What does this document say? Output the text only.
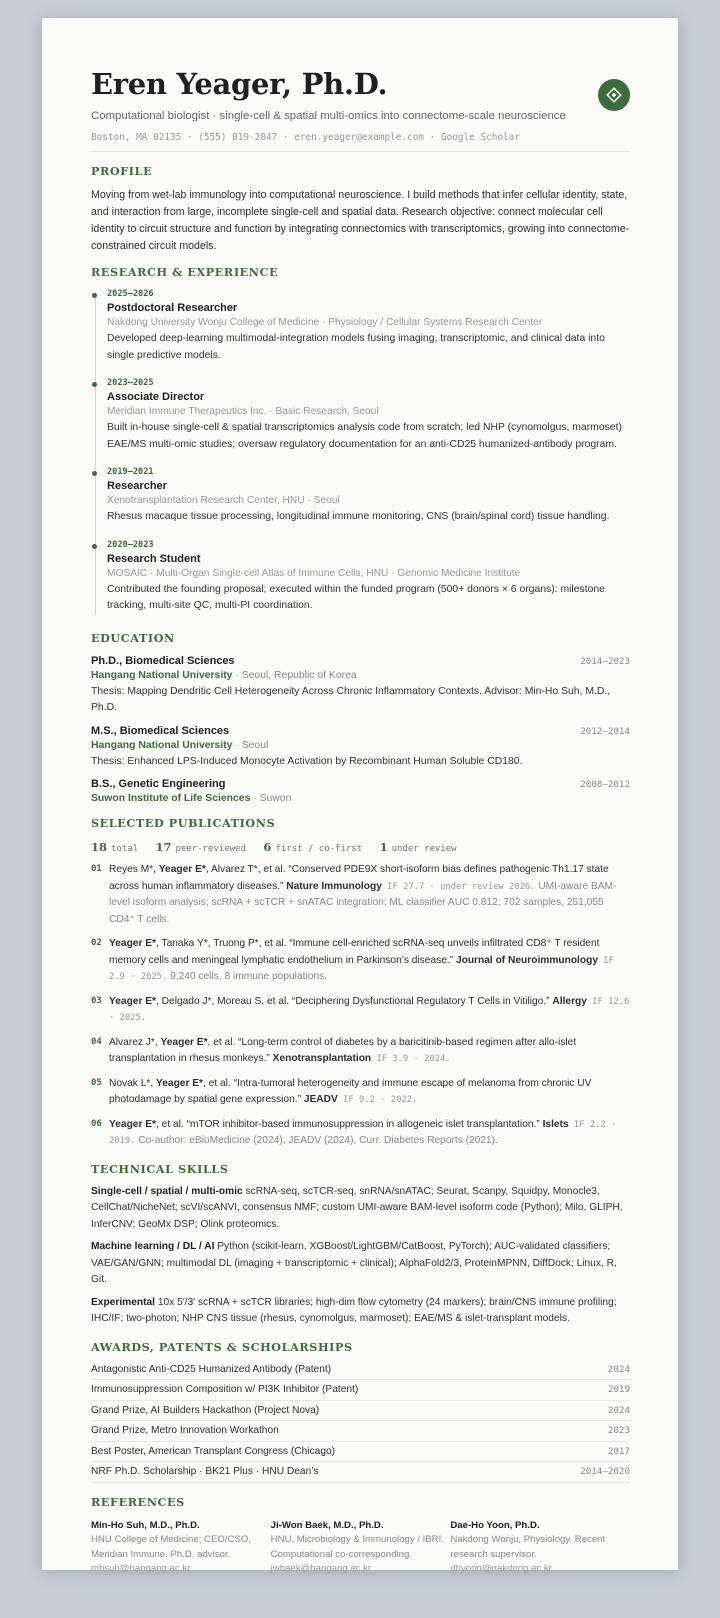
Eren Yeager, Ph.D.
Computational biologist · single-cell & spatial multi-omics into connectome-scale neuroscience
Boston, MA 02135 · (555) 019-2847 · eren.yeager@example.com · Google Scholar
PROFILE
Moving from wet-lab immunology into computational neuroscience. I build methods that infer cellular identity, state, and interaction from large, incomplete single-cell and spatial data. Research objective: connect molecular cell identity to circuit structure and function by integrating connectomics with transcriptomics, growing into connectome-constrained circuit models.
RESEARCH & EXPERIENCE
2025–2026
Postdoctoral Researcher
Nakdong University Wonju College of Medicine · Physiology / Cellular Systems Research Center
Developed deep-learning multimodal-integration models fusing imaging, transcriptomic, and clinical data into single predictive models.
2023–2025
Associate Director
Meridian Immune Therapeutics Inc. · Basic Research, Seoul
Built in-house single-cell & spatial transcriptomics analysis code from scratch; led NHP (cynomolgus, marmoset) EAE/MS multi-omic studies; oversaw regulatory documentation for an anti-CD25 humanized-antibody program.
2019–2021
Researcher
Xenotransplantation Research Center, HNU · Seoul
Rhesus macaque tissue processing, longitudinal immune monitoring, CNS (brain/spinal cord) tissue handling.
2020–2023
Research Student
MOSAIC · Multi-Organ Single-cell Atlas of Immune Cells, HNU · Genomic Medicine Institute
Contributed the founding proposal; executed within the funded program (500+ donors × 6 organs): milestone tracking, multi-site QC, multi-PI coordination.
EDUCATION
Ph.D., Biomedical Sciences	2014–2023
Hangang National University · Seoul, Republic of Korea
Thesis: Mapping Dendritic Cell Heterogeneity Across Chronic Inflammatory Contexts. Advisor: Min-Ho Suh, M.D., Ph.D.
M.S., Biomedical Sciences	2012–2014
Hangang National University · Seoul
Thesis: Enhanced LPS-Induced Monocyte Activation by Recombinant Human Soluble CD180.
B.S., Genetic Engineering	2008–2012
Suwon Institute of Life Sciences · Suwon
SELECTED PUBLICATIONS
18 total 17 peer-reviewed 6 first / co-first 1 under review
01 Reyes M*, Yeager E*, Alvarez T*, et al. “Conserved PDE9X short-isoform bias defines pathogenic Th1.17 state across human inflammatory diseases.” Nature Immunology IF 27.7 · under review 2026. UMI-aware BAM-level isoform analysis; scRNA + scTCR + snATAC integration; ML classifier AUC 0.812; 702 samples, 251,055 CD4⁺ T cells.
02 Yeager E*, Tanaka Y*, Truong P*, et al. “Immune cell-enriched scRNA-seq unveils infiltrated CD8⁺ T resident memory cells and meningeal lymphatic endothelium in Parkinson’s disease.” Journal of Neuroimmunology IF 2.9 · 2025. 9,240 cells, 8 immune populations.
03 Yeager E*, Delgado J*, Moreau S, et al. “Deciphering Dysfunctional Regulatory T Cells in Vitiligo.” Allergy IF 12.6 · 2025.
04 Alvarez J*, Yeager E*, et al. “Long-term control of diabetes by a baricitinib-based regimen after allo-islet transplantation in rhesus monkeys.” Xenotransplantation IF 3.9 · 2024.
05 Novak L*, Yeager E*, et al. “Intra-tumoral heterogeneity and immune escape of melanoma from chronic UV photodamage by spatial gene expression.” JEADV IF 9.2 · 2022.
06 Yeager E*, et al. “mTOR inhibitor-based immunosuppression in allogeneic islet transplantation.” Islets IF 2.2 · 2019. Co-author: eBioMedicine (2024), JEADV (2024), Curr. Diabetes Reports (2021).
TECHNICAL SKILLS
Single-cell / spatial / multi-omic scRNA-seq, scTCR-seq, snRNA/snATAC; Seurat, Scanpy, Squidpy, Monocle3, CellChat/NicheNet; scVI/scANVI, consensus NMF; custom UMI-aware BAM-level isoform code (Python); Milo, GLIPH, InferCNV; GeoMx DSP; Olink proteomics.
Machine learning / DL / AI Python (scikit-learn, XGBoost/LightGBM/CatBoost, PyTorch); AUC-validated classifiers; VAE/GAN/GNN; multimodal DL (imaging + transcriptomic + clinical); AlphaFold2/3, ProteinMPNN, DiffDock; Linux, R, Git.
Experimental 10x 5′/3′ scRNA + scTCR libraries; high-dim flow cytometry (24 markers); brain/CNS immune profiling; IHC/IF; two-photon; NHP CNS tissue (rhesus, cynomolgus, marmoset); EAE/MS & islet-transplant models.
AWARDS, PATENTS & SCHOLARSHIPS
Antagonistic Anti-CD25 Humanized Antibody (Patent)	2024
Immunosuppression Composition w/ PI3K Inhibitor (Patent)	2019
Grand Prize, AI Builders Hackathon (Project Nova)	2024
Grand Prize, Metro Innovation Workathon	2023
Best Poster, American Transplant Congress (Chicago)	2017
NRF Ph.D. Scholarship · BK21 Plus · HNU Dean’s	2014–2020
REFERENCES
Min-Ho Suh, M.D., Ph.D.
HNU College of Medicine; CEO/CSO, Meridian Immune. Ph.D. advisor.
mhsuh@hangang.ac.kr
Ji-Won Baek, M.D., Ph.D.
HNU, Microbiology & Immunology / IBRI. Computational co-corresponding.
jwbaek@hangang.ac.kr
Dae-Ho Yoon, Ph.D.
Nakdong Wonju, Physiology. Recent research supervisor.
dhyoon@nakdong.ac.kr
